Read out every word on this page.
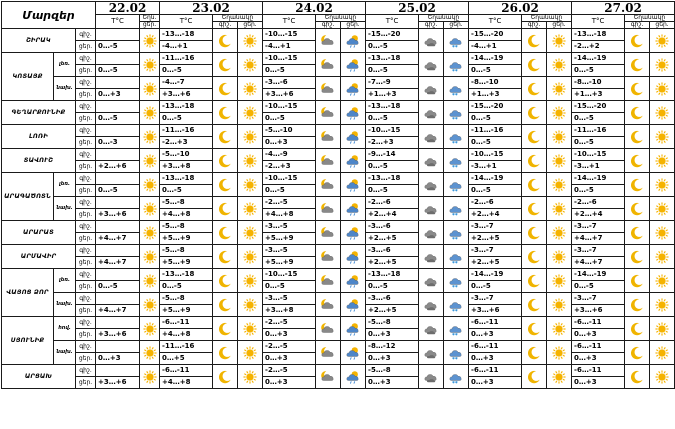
Մարզեր			22.02		23.02			24.02			25.02			26.02			27.02		
			T°C	Եղն.	T°C	Եղանակը		T°C	Եղանակը		T°C	Եղանակը		T°C	Եղանակը		T°C	Եղանակը	
				ցեր.		գիշ.	ցեր.		գիշ.	ցեր.		գիշ.	ցեր.		գիշ.	ցեր.		գիշ.	ցեր.
ՇԻՐԱԿ		գիշ.			-13…-18			-10…-15			-15…-20		✱✱	-15…-20			-13…-18	

		ցեր.	0…-5		-4…+1			-4…+1			0…-5			-4…+1			-2…+2		
ԿՈՏԱՅՔ	լեռ.	գիշ.			-11…-16			-10…-15			-13…-18		✱✱	-14…-19			-14…-19	

		ցեր.	0…-5		0…-5			0…-5			0…-5			0…-5			0…-5		
	նախ.	գիշ.			-4…-7			-3…-6			-7…-9		✱✱	-8…-10			-8…-10	

		ցեր.	0…+3		+3…+6			+3…+6			+1…+3			+1…+3			+1…+3		
ԳԵՂԱՐՔՈՒՆԻՔ		գիշ.			-13…-18			-10…-15			-13…-18		✱✱	-15…-20			-15…-20	

		ցեր.	0…-5		0…-5			0…-5			0…-5			0…-5			0…-5		
ԼՈՌԻ		գիշ.			-11…-16			-5…-10			-10…-15		✱✱	-11…-16			-11…-16	

		ցեր.	0…-3		-2…+3			0…+3			-2…+3			0…-5			0…-5		
ՏԱՎՈՒՇ		գիշ.			-5…-10			-4…-9			-9…-14		✱✱	-10…-15			-10…-15	

		ցեր.	+2…+6		+3…+8			-2…+3			0…-5			-3…+1			-3…+1		
ԱՐԱԳԱԾՈՏՆ	լեռ.	գիշ.			-13…-18			-10…-15			-13…-18		✱✱	-14…-19			-14…-19	

		ցեր.	0…-5		0…-5			0…-5			0…-5			0…-5			0…-5		
	նախ.	գիշ.			-5…-8			-2…-5			-2…-6		✱✱	-2…-6			-2…-6	

		ցեր.	+3…+6		+4…+8			+4…+8			+2…+4			+2…+4			+2…+4		
ԱՐԱՐԱՏ		գիշ.			-5…-8			-3…-5			-3…-6		✱✱	-3…-7			-3…-7	

		ցեր.	+4…+7		+5…+9			+5…+9			+2…+5			+2…+5			+4…+7		
ԱՐՄԱՎԻՐ		գիշ.			-5…-8			-3…-5			-3…-6		✱✱	-3…-7			-3…-7	

		ցեր.	+4…+7		+5…+9			+5…+9			+2…+5			+2…+5			+4…+7		
ՎԱՅՈՑ ՁՈՐ	լեռ.	գիշ.			-13…-18			-10…-15			-13…-18		✱✱	-14…-19			-14…-19	

		ցեր.	0…-5		0…-5			0…-5			0…-5			0…-5			0…-5		
	նախ.	գիշ.			-5…-8			-3…-5			-3…-6		✱✱	-3…-7			-3…-7	

		ցեր.	+4…+7		+5…+9			+3…+8			+2…+5			+3…+6			+3…+6		
ՍՅՈՒՆԻՔ	հով.	գիշ.			-6…-11			-2…-5			-5…-8		✱✱	-6…-11			-6…-11	

		ցեր.	+3…+6		+4…+8			0…+3			0…+3			0…+3			0…+3		
	նախ.	գիշ.			-11…-16			-2…-5			-8…-12		✱✱	-6…-11			-6…-11	

		ցեր.	0…+3		0…+5			0…+3			0…+3			0…+3			0…+3		
ԱՐՑԱԽ		գիշ.			-6…-11			-2…-5			-5…-8		✱✱	-6…-11			-6…-11	

		ցեր.	+3…+6		+4…+8			0…+3			0…+3			0…+3			0…+3		
